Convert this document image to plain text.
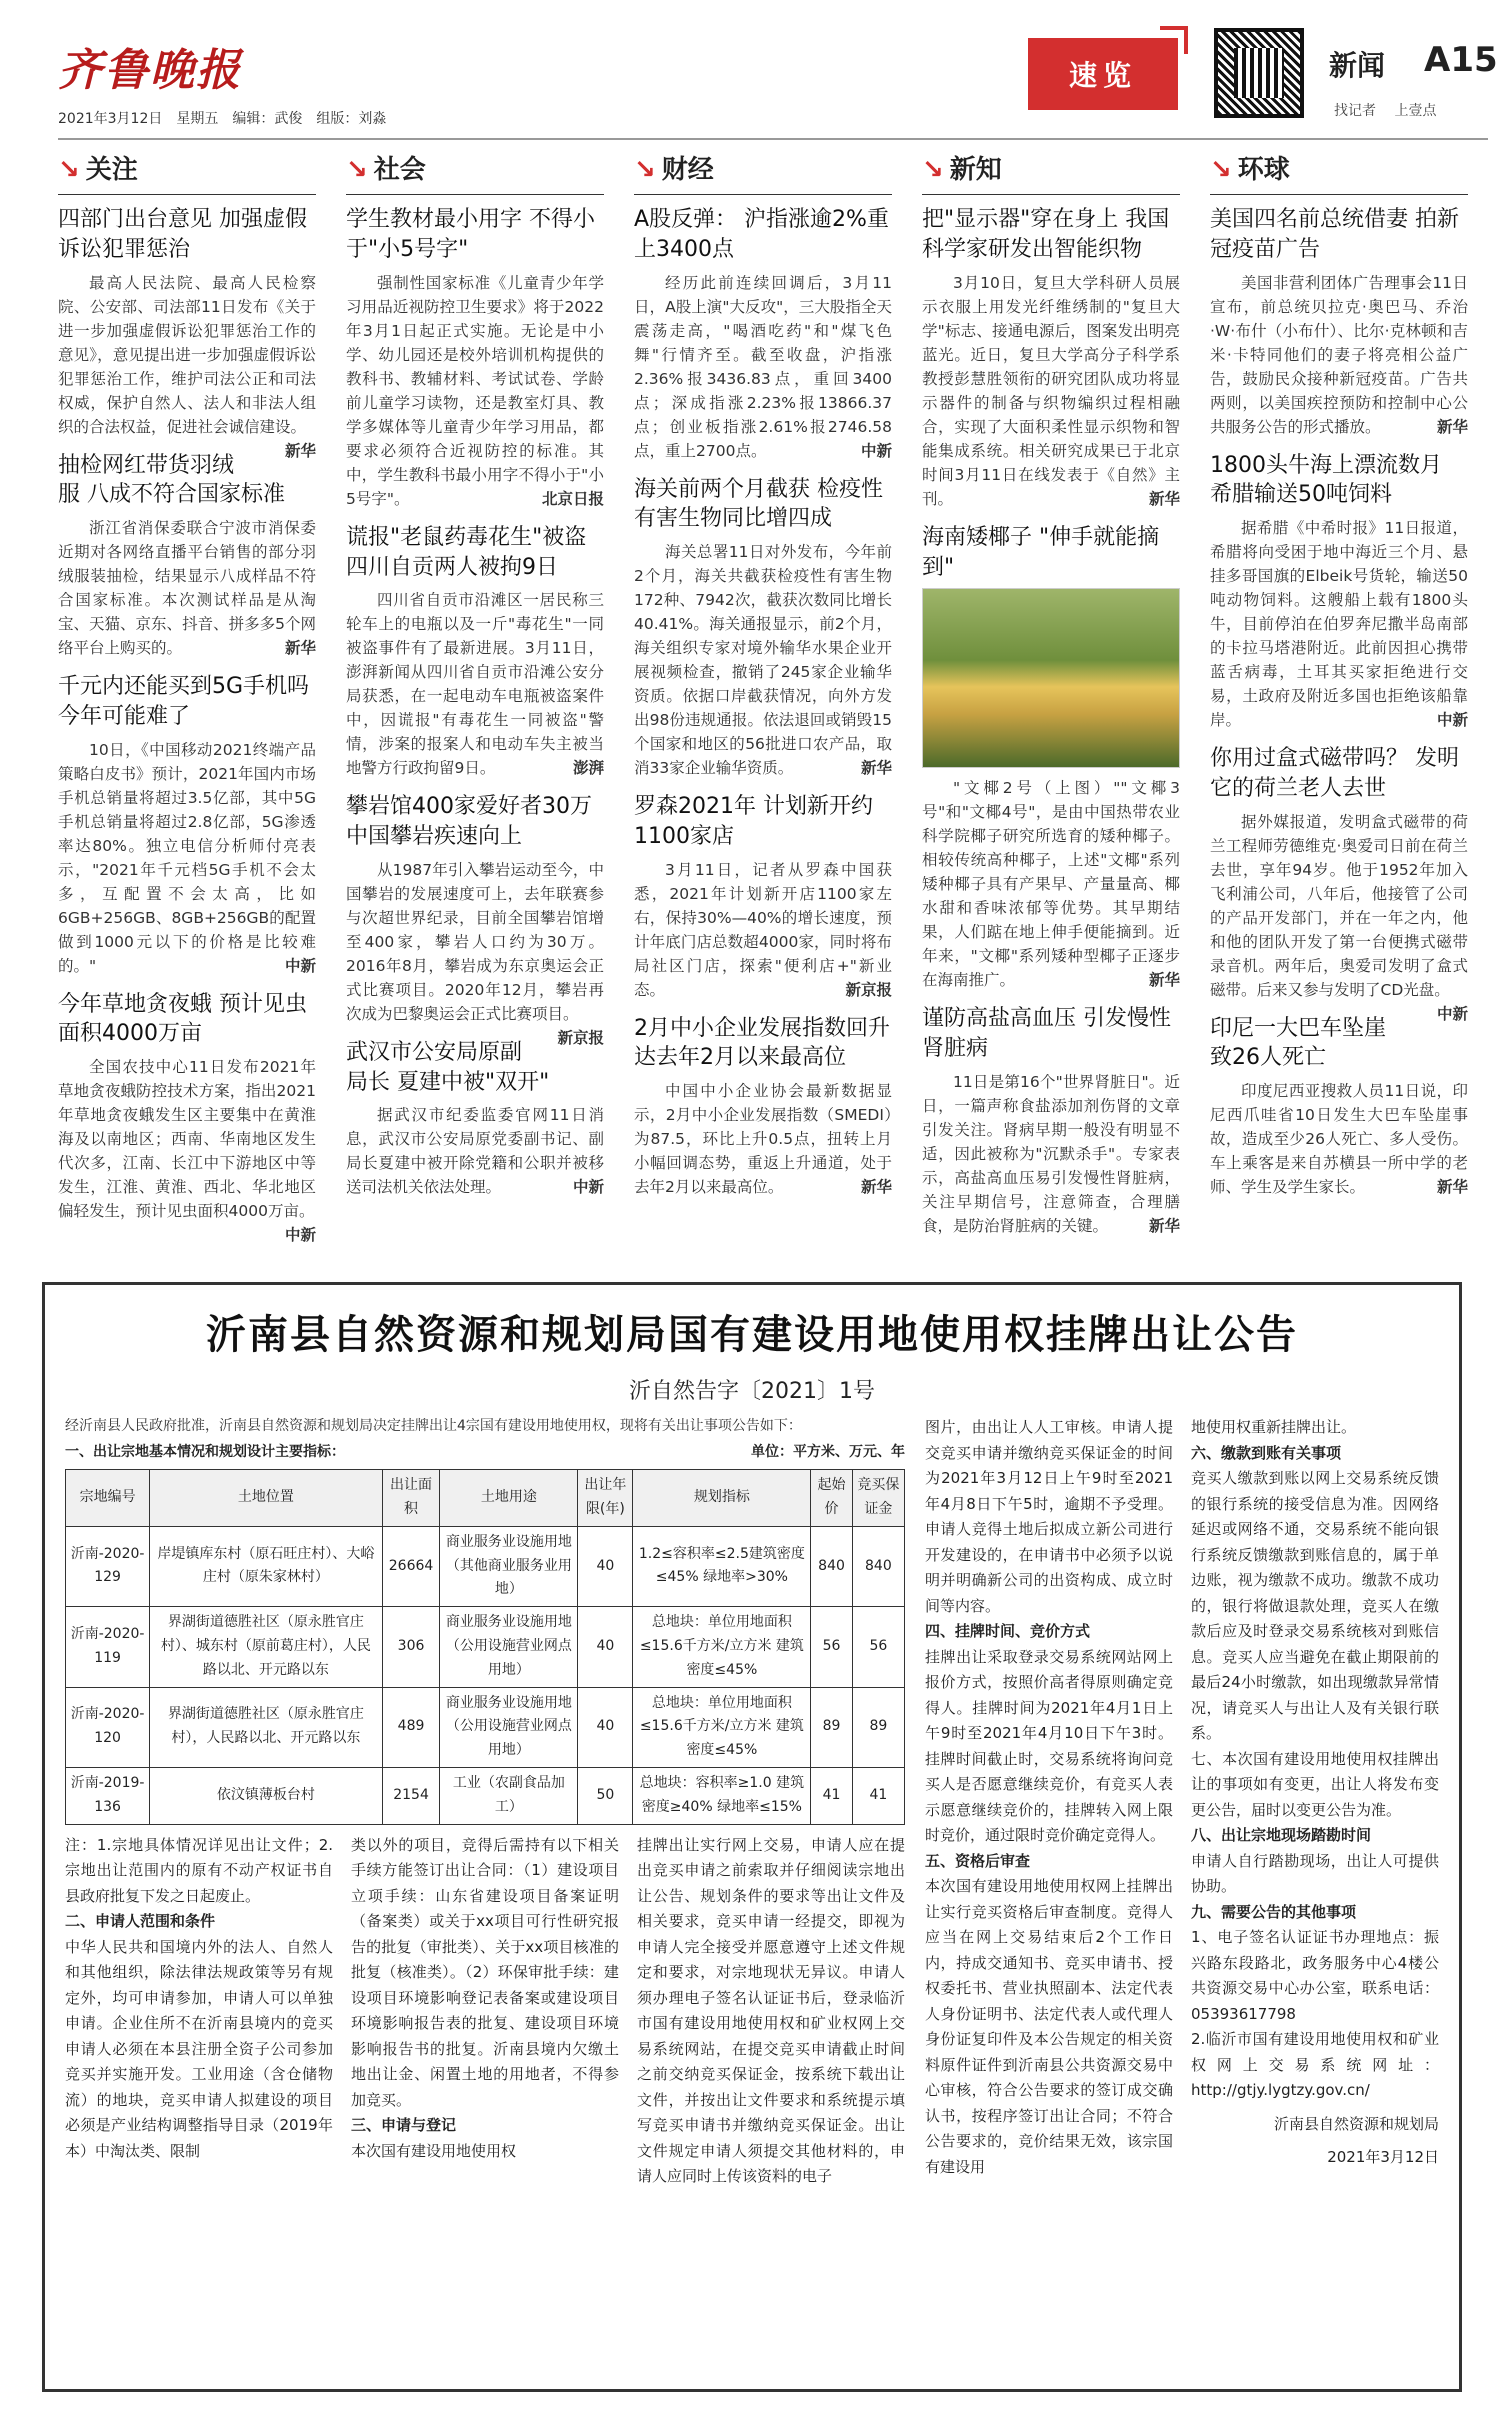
齐鲁晚报
2021年3月12日　星期五　编辑：武俊　组版：刘淼
速览	新闻 A15
找记者 上壹点
↘ 关注
四部门出台意见 加强虚假诉讼犯罪惩治

最高人民法院、最高人民检察院、公安部、司法部11日发布《关于进一步加强虚假诉讼犯罪惩治工作的意见》，意见提出进一步加强虚假诉讼犯罪惩治工作，维护司法公正和司法权威，保护自然人、法人和非法人组织的合法权益，促进社会诚信建设。
新华

抽检网红带货羽绒服 八成不符合国家标准

浙江省消保委联合宁波市消保委近期对各网络直播平台销售的部分羽绒服装抽检，结果显示八成样品不符合国家标准。本次测试样品是从淘宝、天猫、京东、抖音、拼多多5个网络平台上购买的。	新华

千元内还能买到5G手机吗 今年可能难了

10日，《中国移动2021终端产品策略白皮书》预计，2021年国内市场手机总销量将超过3.5亿部，其中5G手机总销量将超过2.8亿部，5G渗透率达80%。独立电信分析师付亮表示，"2021年千元档5G手机不会太多，互配置不会太高，比如6GB+256GB、8GB+256GB的配置做到1000元以下的价格是比较难的。"	中新

今年草地贪夜蛾 预计见虫面积4000万亩

全国农技中心11日发布2021年草地贪夜蛾防控技术方案，指出2021年草地贪夜蛾发生区主要集中在黄淮海及以南地区；西南、华南地区发生代次多，江南、长江中下游地区中等发生，江淮、黄淮、西北、华北地区偏轻发生，预计见虫面积4000万亩。
中新

↘ 社会
学生教材最小用字 不得小于"小5号字"

强制性国家标准《儿童青少年学习用品近视防控卫生要求》将于2022年3月1日起正式实施。无论是中小学、幼儿园还是校外培训机构提供的教科书、教辅材料、考试试卷、学龄前儿童学习读物，还是教室灯具、教学多媒体等儿童青少年学习用品，都要求必须符合近视防控的标准。其中，学生教科书最小用字不得小于"小5号字"。	北京日报

谎报"老鼠药毒花生"被盗 四川自贡两人被拘9日

四川省自贡市沿滩区一居民称三轮车上的电瓶以及一斤"毒花生"一同被盗事件有了最新进展。3月11日，澎湃新闻从四川省自贡市沿滩公安分局获悉，在一起电动车电瓶被盗案件中，因谎报"有毒花生一同被盗"警情，涉案的报案人和电动车失主被当地警方行政拘留9日。	澎湃

攀岩馆400家爱好者30万 中国攀岩疾速向上

从1987年引入攀岩运动至今，中国攀岩的发展速度可上，去年联赛参与次超世界纪录，目前全国攀岩馆增至400家，攀岩人口约为30万。2016年8月，攀岩成为东京奥运会正式比赛项目。2020年12月，攀岩再次成为巴黎奥运会正式比赛项目。
新京报

武汉市公安局原副局长 夏建中被"双开"

据武汉市纪委监委官网11日消息，武汉市公安局原党委副书记、副局长夏建中被开除党籍和公职并被移送司法机关依法处理。	中新

↘ 财经
A股反弹： 沪指涨逾2%重上3400点

经历此前连续回调后，3月11日，A股上演"大反攻"，三大股指全天震荡走高，"喝酒吃药"和"煤飞色舞"行情齐至。截至收盘，沪指涨2.36%报3436.83点，重回3400点；深成指涨2.23%报13866.37点；创业板指涨2.61%报2746.58点，重上2700点。	中新

海关前两个月截获 检疫性有害生物同比增四成

海关总署11日对外发布，今年前2个月，海关共截获检疫性有害生物172种、7942次，截获次数同比增长40.41%。海关通报显示，前2个月，海关组织专家对境外输华水果企业开展视频检查，撤销了245家企业输华资质。依据口岸截获情况，向外方发出98份违规通报。依法退回或销毁15个国家和地区的56批进口农产品，取消33家企业输华资质。	新华

罗森2021年 计划新开约1100家店

3月11日，记者从罗森中国获悉，2021年计划新开店1100家左右，保持30%—40%的增长速度，预计年底门店总数超4000家，同时将布局社区门店，探索"便利店+"新业态。	新京报

2月中小企业发展指数回升 达去年2月以来最高位

中国中小企业协会最新数据显示，2月中小企业发展指数（SMEDI）为87.5，环比上升0.5点，扭转上月小幅回调态势，重返上升通道，处于去年2月以来最高位。	新华

↘ 新知
把"显示器"穿在身上 我国科学家研发出智能织物

3月10日，复旦大学科研人员展示衣服上用发光纤维绣制的"复旦大学"标志、接通电源后，图案发出明亮蓝光。近日，复旦大学高分子科学系教授彭慧胜领衔的研究团队成功将显示器件的制备与织物编织过程相融合，实现了大面积柔性显示织物和智能集成系统。相关研究成果已于北京时间3月11日在线发表于《自然》主刊。	新华

海南矮椰子 "伸手就能摘到"

"文椰2号（上图）""文椰3号"和"文椰4号"，是由中国热带农业科学院椰子研究所选育的矮种椰子。相较传统高种椰子，上述"文椰"系列矮种椰子具有产果早、产量量高、椰水甜和香味浓郁等优势。其早期结果，人们踮在地上伸手便能摘到。近年来，"文椰"系列矮种型椰子正逐步在海南推广。	新华

谨防高盐高血压 引发慢性肾脏病

11日是第16个"世界肾脏日"。近日，一篇声称食盐添加剂伤肾的文章引发关注。肾病早期一般没有明显不适，因此被称为"沉默杀手"。专家表示，高盐高血压易引发慢性肾脏病，关注早期信号，注意筛查，合理膳食，是防治肾脏病的关键。	新华

↘ 环球
美国四名前总统借妻 拍新冠疫苗广告

美国非营利团体广告理事会11日宣布，前总统贝拉克·奥巴马、乔治·W·布什（小布什）、比尔·克林顿和吉米·卡特同他们的妻子将亮相公益广告，鼓励民众接种新冠疫苗。广告共两则，以美国疾控预防和控制中心公共服务公告的形式播放。	新华

1800头牛海上漂流数月 希腊输送50吨饲料

据希腊《中希时报》11日报道，希腊将向受困于地中海近三个月、悬挂多哥国旗的Elbeik号货轮，输送50吨动物饲料。这艘船上载有1800头牛，目前停泊在伯罗奔尼撒半岛南部的卡拉马塔港附近。此前因担心携带蓝舌病毒，土耳其买家拒绝进行交易，土政府及附近多国也拒绝该船靠岸。	中新

你用过盒式磁带吗？ 发明它的荷兰老人去世

据外媒报道，发明盒式磁带的荷兰工程师劳德维克·奥爱司日前在荷兰去世，享年94岁。他于1952年加入飞利浦公司，八年后，他接管了公司的产品开发部门，并在一年之内，他和他的团队开发了第一台便携式磁带录音机。两年后，奥爱司发明了盒式磁带。后来又参与发明了CD光盘。
中新

印尼一大巴车坠崖 致26人死亡

印度尼西亚搜救人员11日说，印尼西爪哇省10日发生大巴车坠崖事故，造成至少26人死亡、多人受伤。车上乘客是来自苏横县一所中学的老师、学生及学生家长。	新华

沂南县自然资源和规划局国有建设用地使用权挂牌出让公告
沂自然告字〔2021〕1号
经沂南县人民政府批准，沂南县自然资源和规划局决定挂牌出让4宗国有建设用地使用权，现将有关出让事项公告如下：
一、出让宗地基本情况和规划设计主要指标：	单位：平方米、万元、年
宗地编号	土地位置	出让面积	土地用途	出让年限(年)	规划指标	起始价	竞买保证金
沂南-2020-129	岸堤镇库东村（原石旺庄村）、大峪庄村（原朱家林村）	26664	商业服务业设施用地（其他商业服务业用地）	40	1.2≤容积率≤2.5建筑密度≤45% 绿地率>30%	840	840
沂南-2020-119	界湖街道德胜社区（原永胜官庄村）、城东村（原前葛庄村），人民路以北、开元路以东	306	商业服务业设施用地（公用设施营业网点用地）	40	总地块：单位用地面积≤15.6千方米/立方米 建筑密度≤45%	56	56
沂南-2020-120	界湖街道德胜社区（原永胜官庄村），人民路以北、开元路以东	489	商业服务业设施用地（公用设施营业网点用地）	40	总地块：单位用地面积≤15.6千方米/立方米 建筑密度≤45%	89	89
沂南-2019-136	依汶镇薄板台村	2154	工业（农副食品加工）	50	总地块：容积率≥1.0 建筑密度≥40% 绿地率≤15%	41	41
注：1.宗地具体情况详见出让文件；2.宗地出让范围内的原有不动产权证书自县政府批复下发之日起废止。
二、申请人范围和条件
中华人民共和国境内外的法人、自然人和其他组织，除法律法规政策等另有规定外，均可申请参加，申请人可以单独申请。企业住所不在沂南县境内的竞买申请人必须在本县注册全资子公司参加竞买并实施开发。工业用途（含仓储物流）的地块，竞买申请人拟建设的项目必须是产业结构调整指导目录（2019年本）中淘汰类、限制
类以外的项目，竞得后需持有以下相关手续方能签订出让合同：（1）建设项目立项手续：山东省建设项目备案证明（备案类）或关于xx项目可行性研究报告的批复（审批类）、关于xx项目核准的批复（核准类）。（2）环保审批手续：建设项目环境影响登记表备案或建设项目环境影响报告表的批复、建设项目环境影响报告书的批复。沂南县境内欠缴土地出让金、闲置土地的用地者，不得参加竞买。
三、申请与登记
本次国有建设用地使用权
挂牌出让实行网上交易，申请人应在提出竞买申请之前索取并仔细阅读宗地出让公告、规划条件的要求等出让文件及相关要求，竞买申请一经提交，即视为申请人完全接受并愿意遵守上述文件规定和要求，对宗地现状无异议。申请人须办理电子签名认证证书后，登录临沂市国有建设用地使用权和矿业权网上交易系统网站，在提交竞买申请截止时间之前交纳竞买保证金，按系统下载出让文件，并按出让文件要求和系统提示填写竞买申请书并缴纳竞买保证金。出让文件规定申请人须提交其他材料的，申请人应同时上传该资料的电子
图片，由出让人人工审核。申请人提交竞买申请并缴纳竞买保证金的时间为2021年3月12日上午9时至2021年4月8日下午5时，逾期不予受理。申请人竞得土地后拟成立新公司进行开发建设的，在申请书中必须予以说明并明确新公司的出资构成、成立时间等内容。
四、挂牌时间、竞价方式
挂牌出让采取登录交易系统网站网上报价方式，按照价高者得原则确定竞得人。挂牌时间为2021年4月1日上午9时至2021年4月10日下午3时。挂牌时间截止时，交易系统将询问竞买人是否愿意继续竞价，有竞买人表示愿意继续竞价的，挂牌转入网上限时竞价，通过限时竞价确定竞得人。
五、资格后审查
本次国有建设用地使用权网上挂牌出让实行竞买资格后审查制度。竞得人应当在网上交易结束后2个工作日内，持成交通知书、竞买申请书、授权委托书、营业执照副本、法定代表人身份证明书、法定代表人或代理人身份证复印件及本公告规定的相关资料原件证件到沂南县公共资源交易中心审核，符合公告要求的签订成交确认书，按程序签订出让合同；不符合公告要求的，竞价结果无效，该宗国有建设用
地使用权重新挂牌出让。
六、缴款到账有关事项
竞买人缴款到账以网上交易系统反馈的银行系统的接受信息为准。因网络延迟或网络不通，交易系统不能向银行系统反馈缴款到账信息的，属于单边账，视为缴款不成功。缴款不成功的，银行将做退款处理，竞买人在缴款后应及时登录交易系统核对到账信息。竞买人应当避免在截止期限前的最后24小时缴款，如出现缴款异常情况，请竞买人与出让人及有关银行联系。
七、本次国有建设用地使用权挂牌出让的事项如有变更，出让人将发布变更公告，届时以变更公告为准。
八、出让宗地现场踏勘时间
申请人自行踏勘现场，出让人可提供协助。
九、需要公告的其他事项
1、电子签名认证证书办理地点：振兴路东段路北，政务服务中心4楼公共资源交易中心办公室，联系电话：05393617798
2.临沂市国有建设用地使用权和矿业权网上交易系统网址：http://gtjy.lygtzy.gov.cn/
沂南县自然资源和规划局
2021年3月12日
